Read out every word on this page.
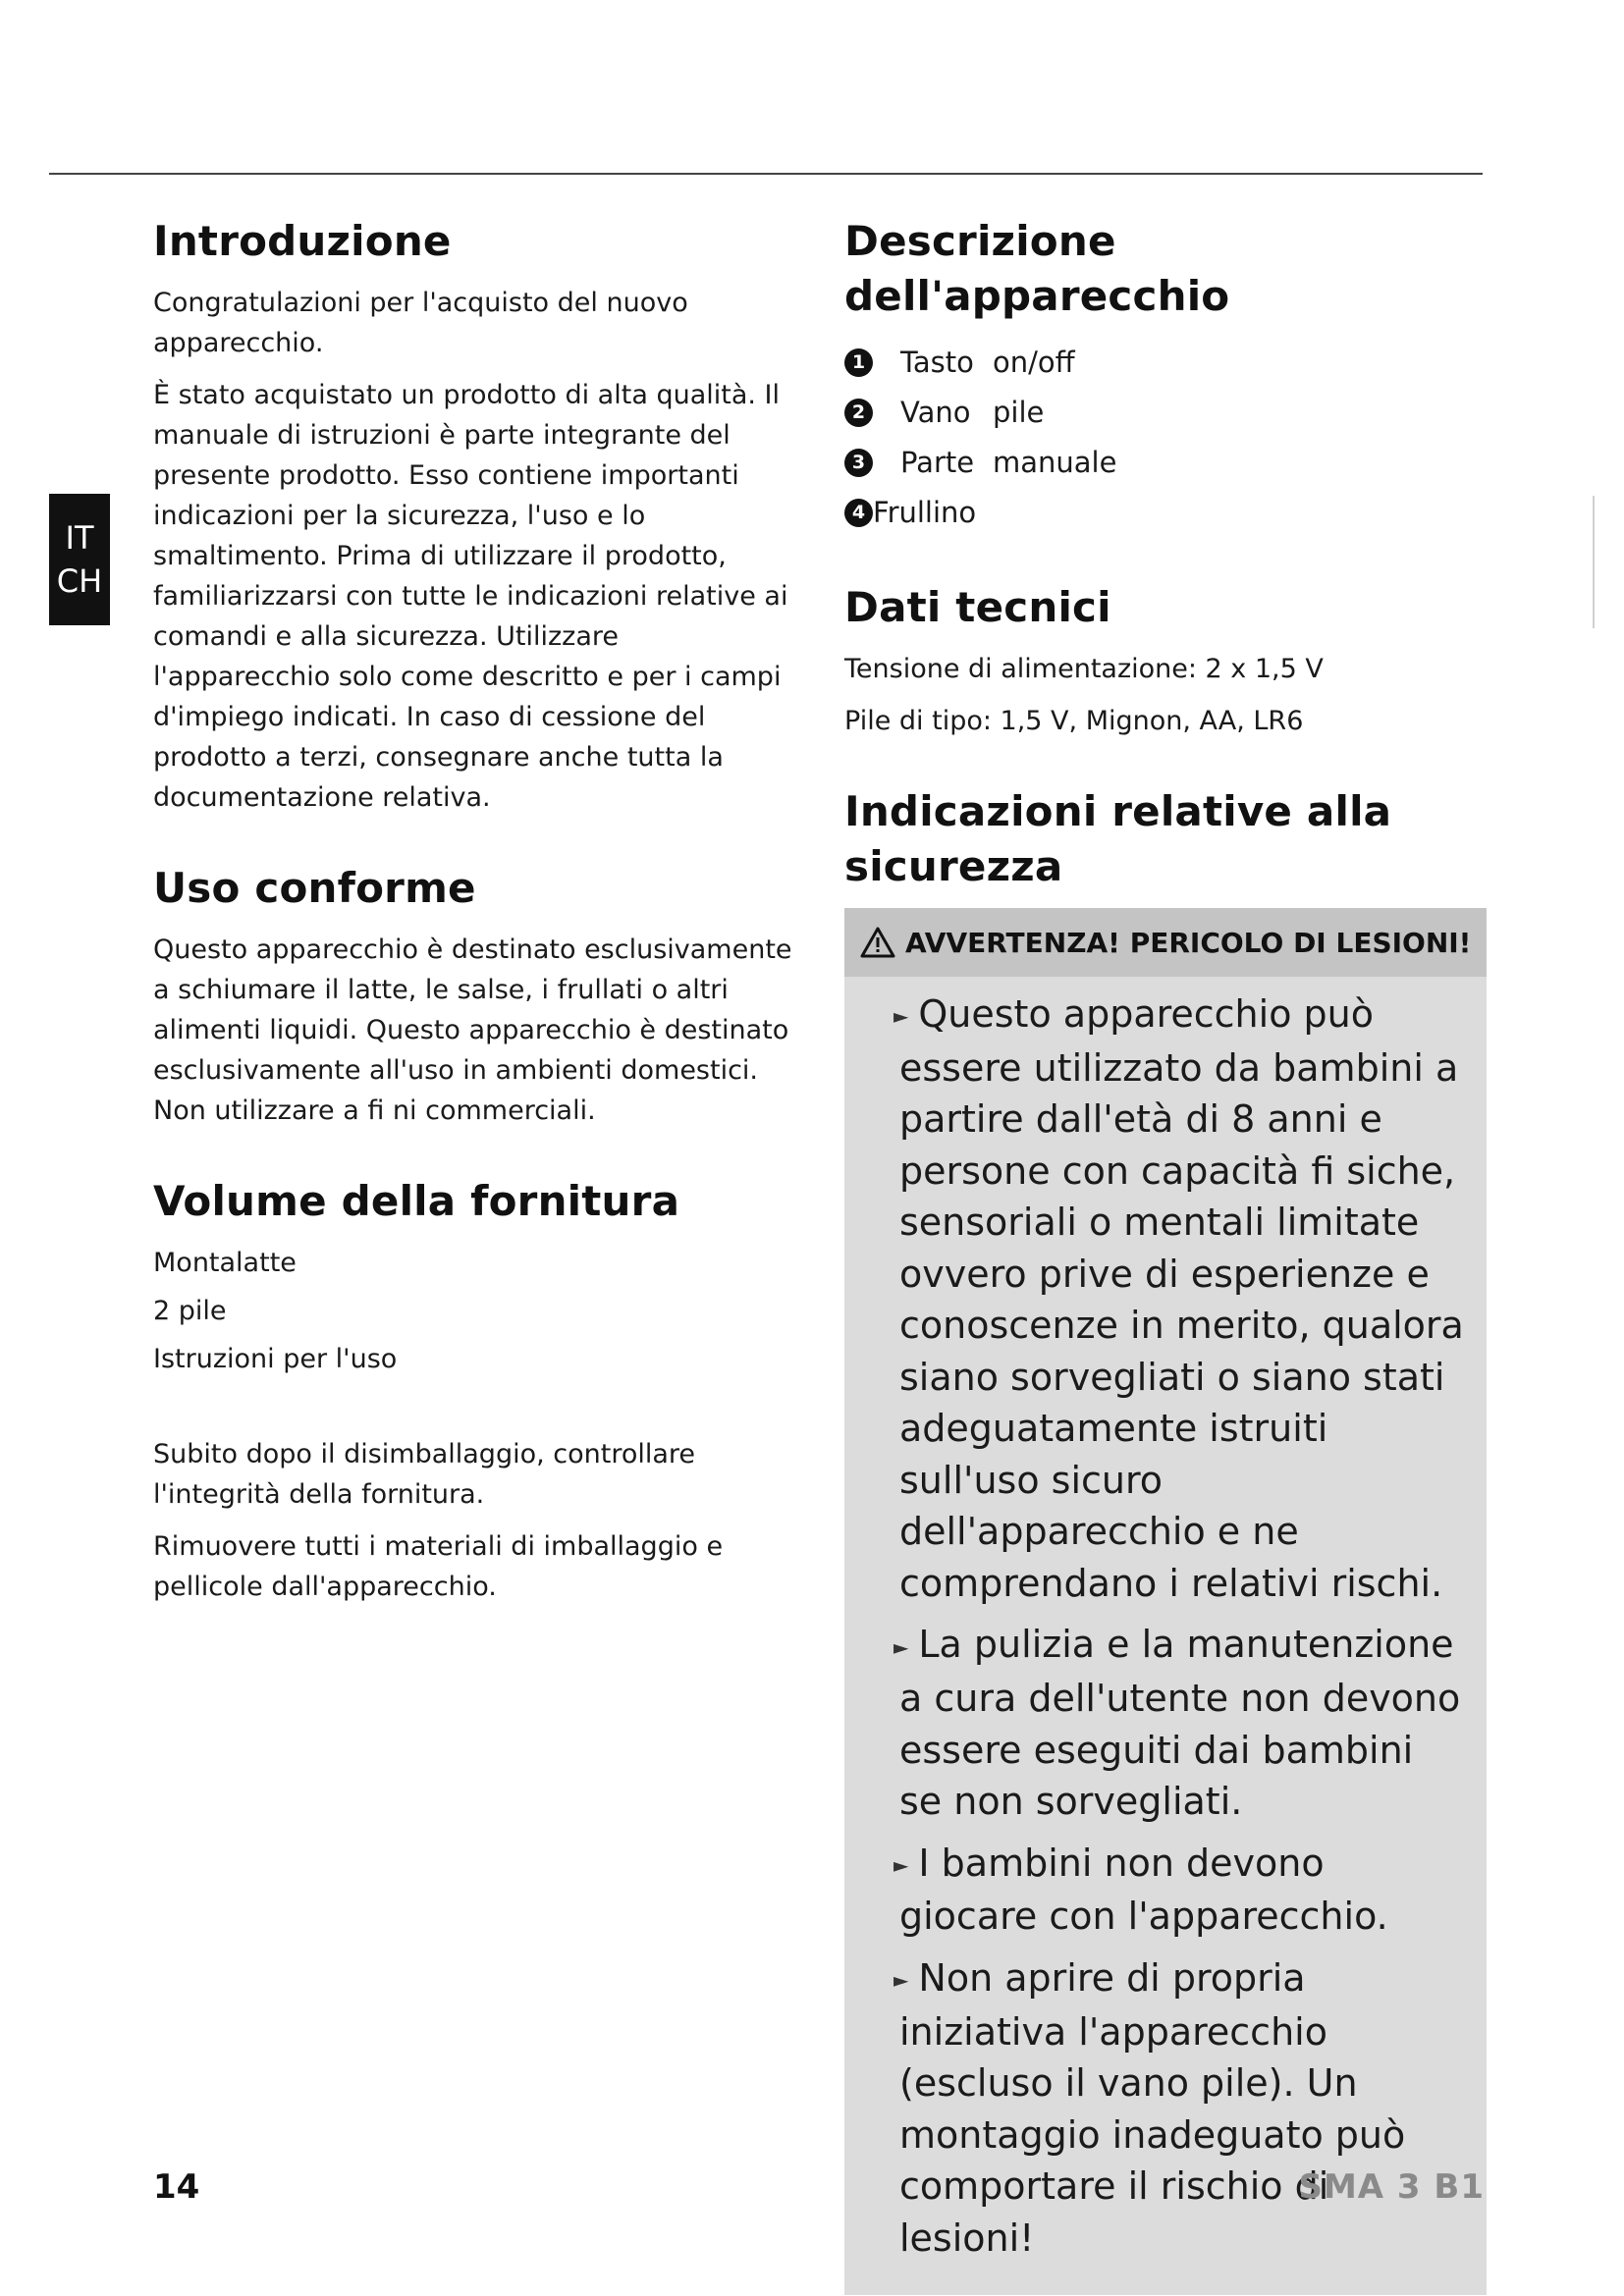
IT
CH
Introduzione

Congratulazioni per l'acquisto del nuovo apparecchio.

È stato acquistato un prodotto di alta qualità. Il manuale di istruzioni è parte integrante del presente prodotto. Esso contiene importanti indicazioni per la sicurezza, l'uso e lo smaltimento. Prima di utilizzare il prodotto, familiarizzarsi con tutte le indicazioni relative ai comandi e alla sicurezza. Utilizzare l'apparecchio solo come descritto e per i campi d'impiego indicati. In caso di cessione del prodotto a terzi, consegnare anche tutta la documentazione relativa.

Uso conforme

Questo apparecchio è destinato esclusivamente a schiumare il latte, le salse, i frullati o altri alimenti liquidi. Questo apparecchio è destinato esclusivamente all'uso in ambienti domestici. Non utilizzare a fi ni commerciali.

Volume della fornitura

Montalatte

2 pile

Istruzioni per l'uso

Subito dopo il disimballaggio, controllare l'integrità della fornitura.

Rimuovere tutti i materiali di imballaggio e pellicole dall'apparecchio.

Descrizione dell'apparecchio
1 Tasto on/off
2 Vano pile
3 Parte manuale
4 Frullino
Dati tecnici

Tensione di alimentazione: 2 x 1,5 V

Pile di tipo: 1,5 V, Mignon, AA, LR6

Indicazioni relative alla sicurezza
AVVERTENZA! PERICOLO DI LESIONI!
► Questo apparecchio può essere utilizzato da bambini a partire dall'età di 8 anni e persone con capacità fi siche, sensoriali o mentali limitate ovvero prive di esperienze e conoscenze in merito, qualora siano sorvegliati o siano stati adeguatamente istruiti sull'uso sicuro dell'apparecchio e ne comprendano i relativi rischi.
► La pulizia e la manutenzione a cura dell'utente non devono essere eseguiti dai bambini se non sorvegliati.
► I bambini non devono giocare con l'apparecchio.
► Non aprire di propria iniziativa l'apparecchio (escluso il vano pile). Un montaggio inadeguato può comportare il rischio di lesioni!
14	SMA 3 B1
